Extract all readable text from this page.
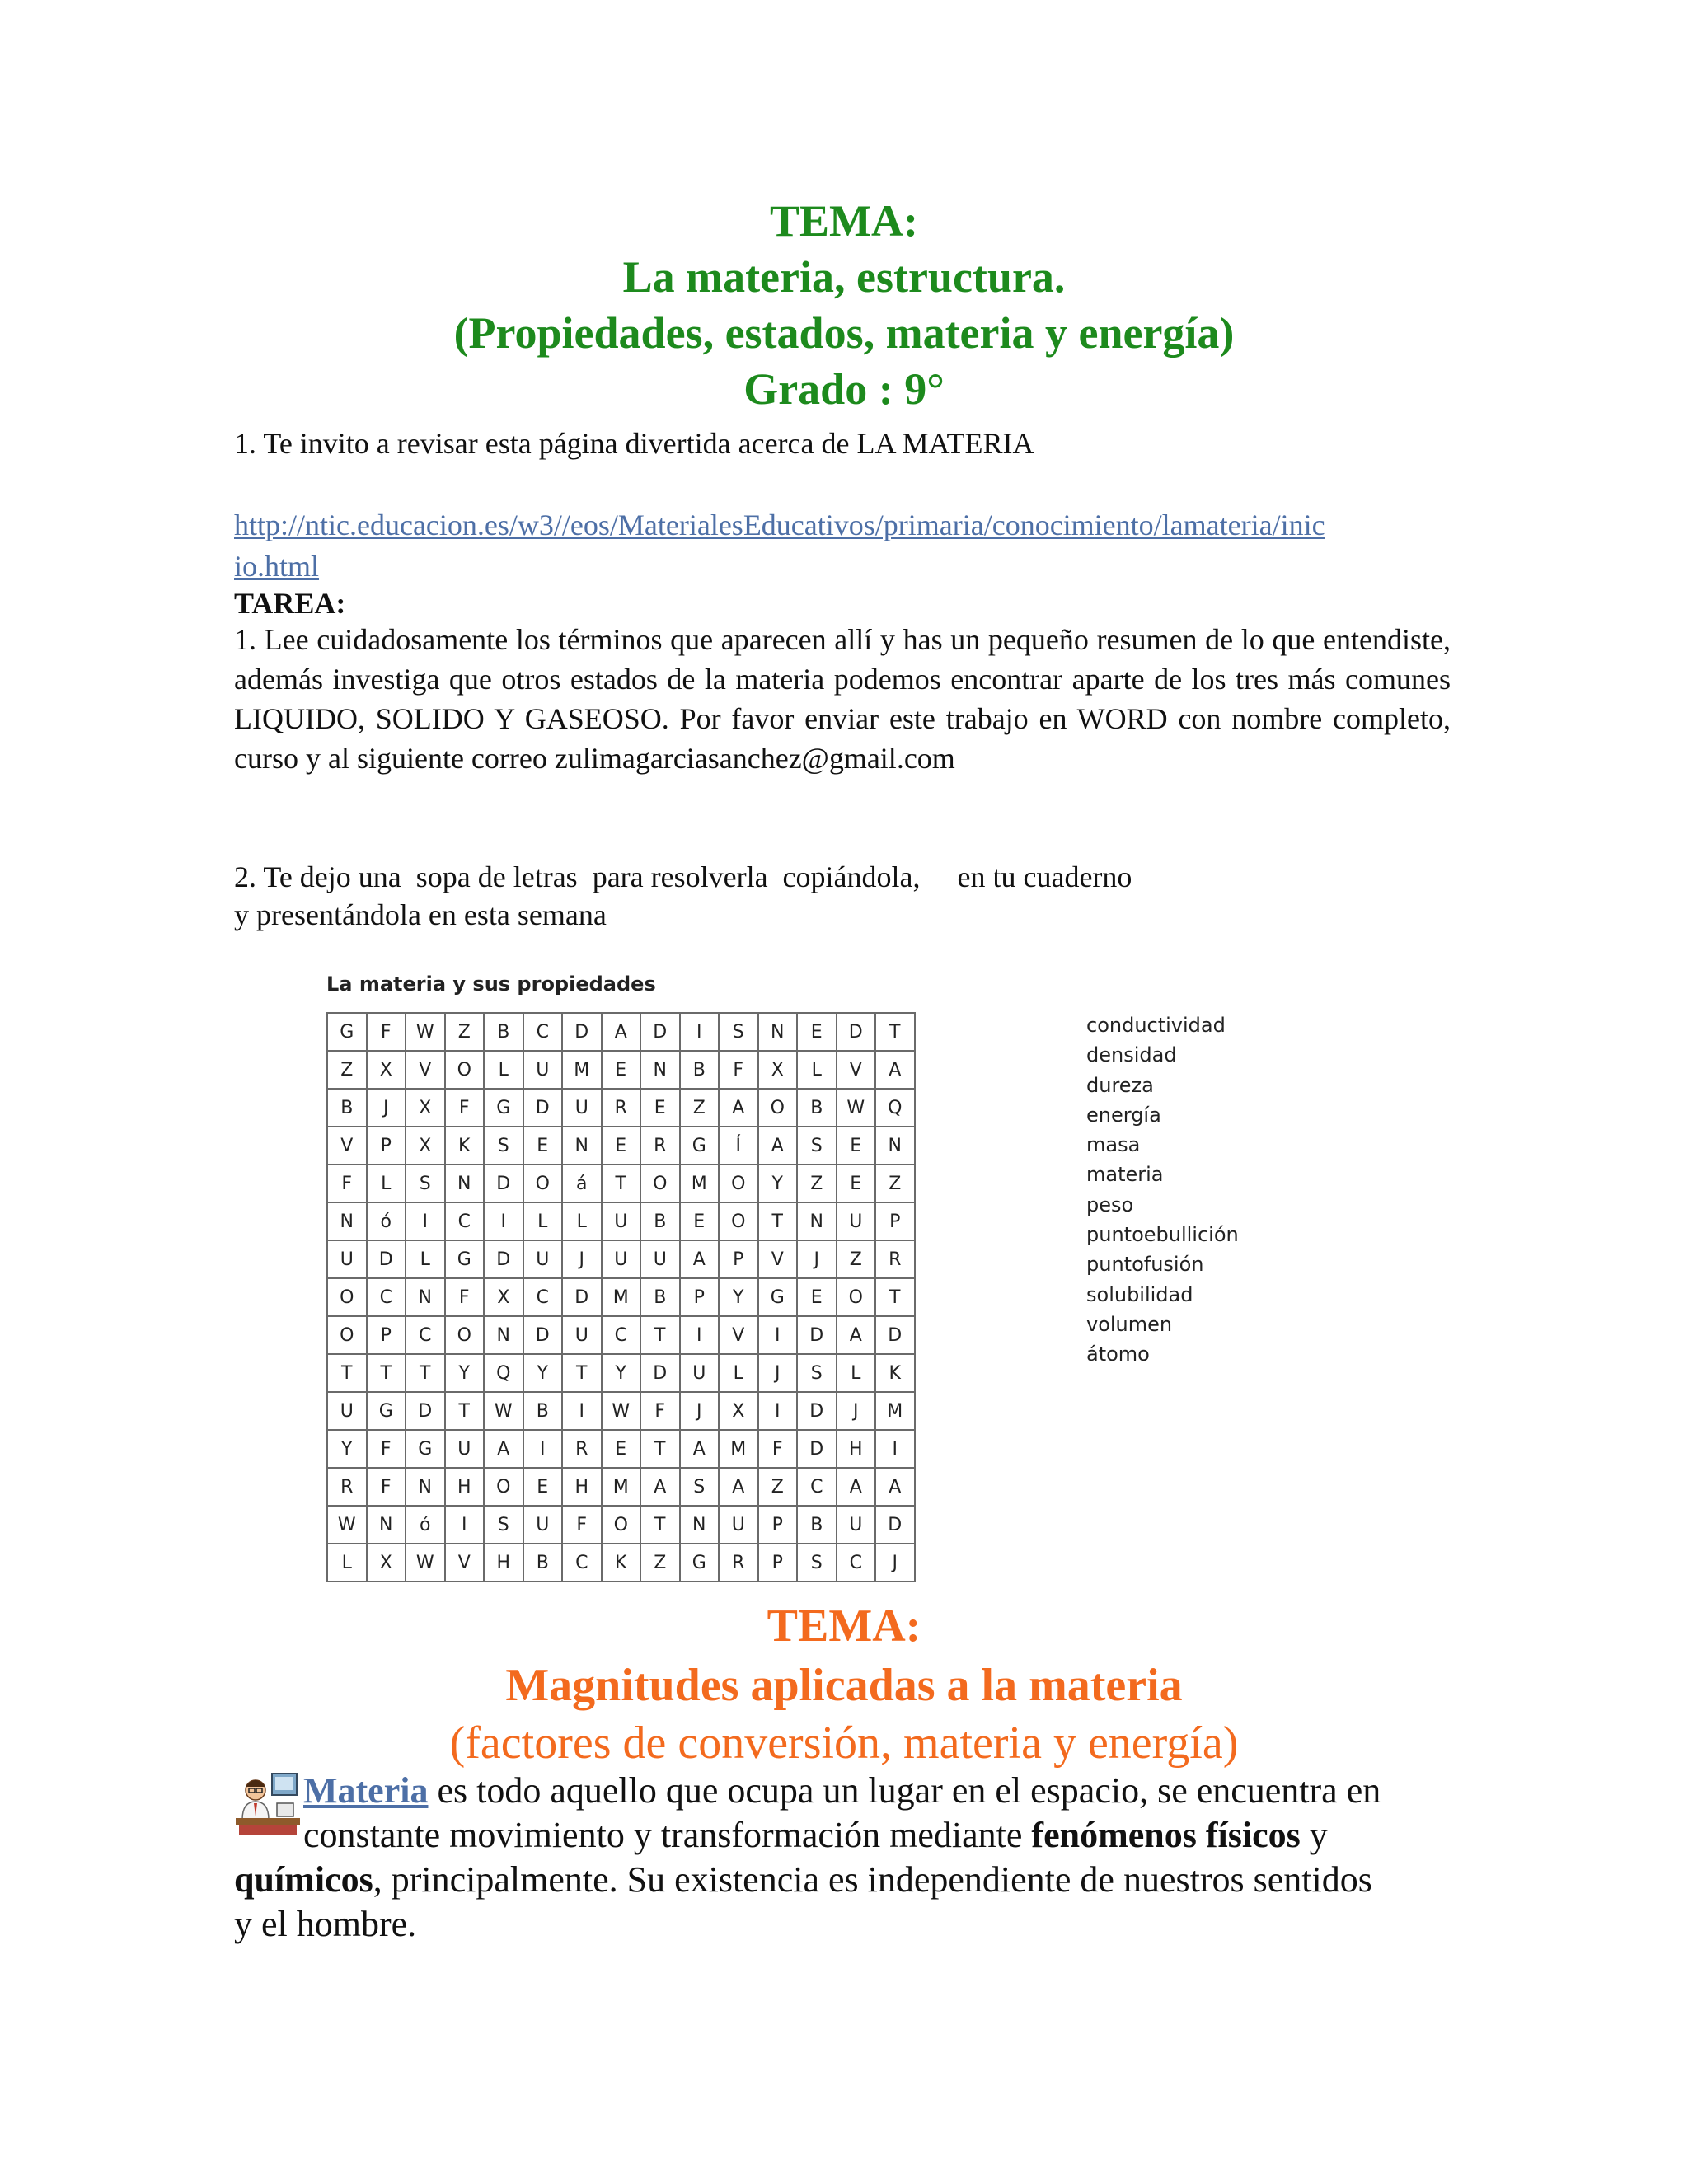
TEMA:
La materia, estructura.
(Propiedades, estados, materia y energía)
Grado : 9°
1. Te invito a revisar esta página divertida acerca de LA MATERIA
http://ntic.educacion.es/w3//eos/MaterialesEducativos/primaria/conocimiento/lamateria/inic
io.html
TAREA:
1. Lee cuidadosamente los términos que aparecen allí y has un pequeño resumen de lo que entendiste, además investiga que otros estados de la materia podemos encontrar aparte de los tres más comunes LIQUIDO, SOLIDO Y GASEOSO. Por favor enviar este trabajo en WORD con nombre completo, curso y al siguiente correo zulimagarciasanchez@gmail.com
2. Te dejo una  sopa de letras  para resolverla  copiándola,     en tu cuaderno
y presentándola en esta semana
La materia y sus propiedades
G	F	W	Z	B	C	D	A	D	I	S	N	E	D	T
Z	X	V	O	L	U	M	E	N	B	F	X	L	V	A
B	J	X	F	G	D	U	R	E	Z	A	O	B	W	Q
V	P	X	K	S	E	N	E	R	G	Í	A	S	E	N
F	L	S	N	D	O	á	T	O	M	O	Y	Z	E	Z
N	ó	I	C	I	L	L	U	B	E	O	T	N	U	P
U	D	L	G	D	U	J	U	U	A	P	V	J	Z	R
O	C	N	F	X	C	D	M	B	P	Y	G	E	O	T
O	P	C	O	N	D	U	C	T	I	V	I	D	A	D
T	T	T	Y	Q	Y	T	Y	D	U	L	J	S	L	K
U	G	D	T	W	B	I	W	F	J	X	I	D	J	M
Y	F	G	U	A	I	R	E	T	A	M	F	D	H	I
R	F	N	H	O	E	H	M	A	S	A	Z	C	A	A
W	N	ó	I	S	U	F	O	T	N	U	P	B	U	D
L	X	W	V	H	B	C	K	Z	G	R	P	S	C	J
conductividad
densidad
dureza
energía
masa
materia
peso
puntoebullición
puntofusión
solubilidad
volumen
átomo
TEMA:
Magnitudes aplicadas a la materia
(factores de conversión, materia y energía)
Materia es todo aquello que ocupa un lugar en el espacio, se encuentra en
constante movimiento y transformación mediante fenómenos físicos y
químicos, principalmente. Su existencia es independiente de nuestros sentidos
y el hombre.
